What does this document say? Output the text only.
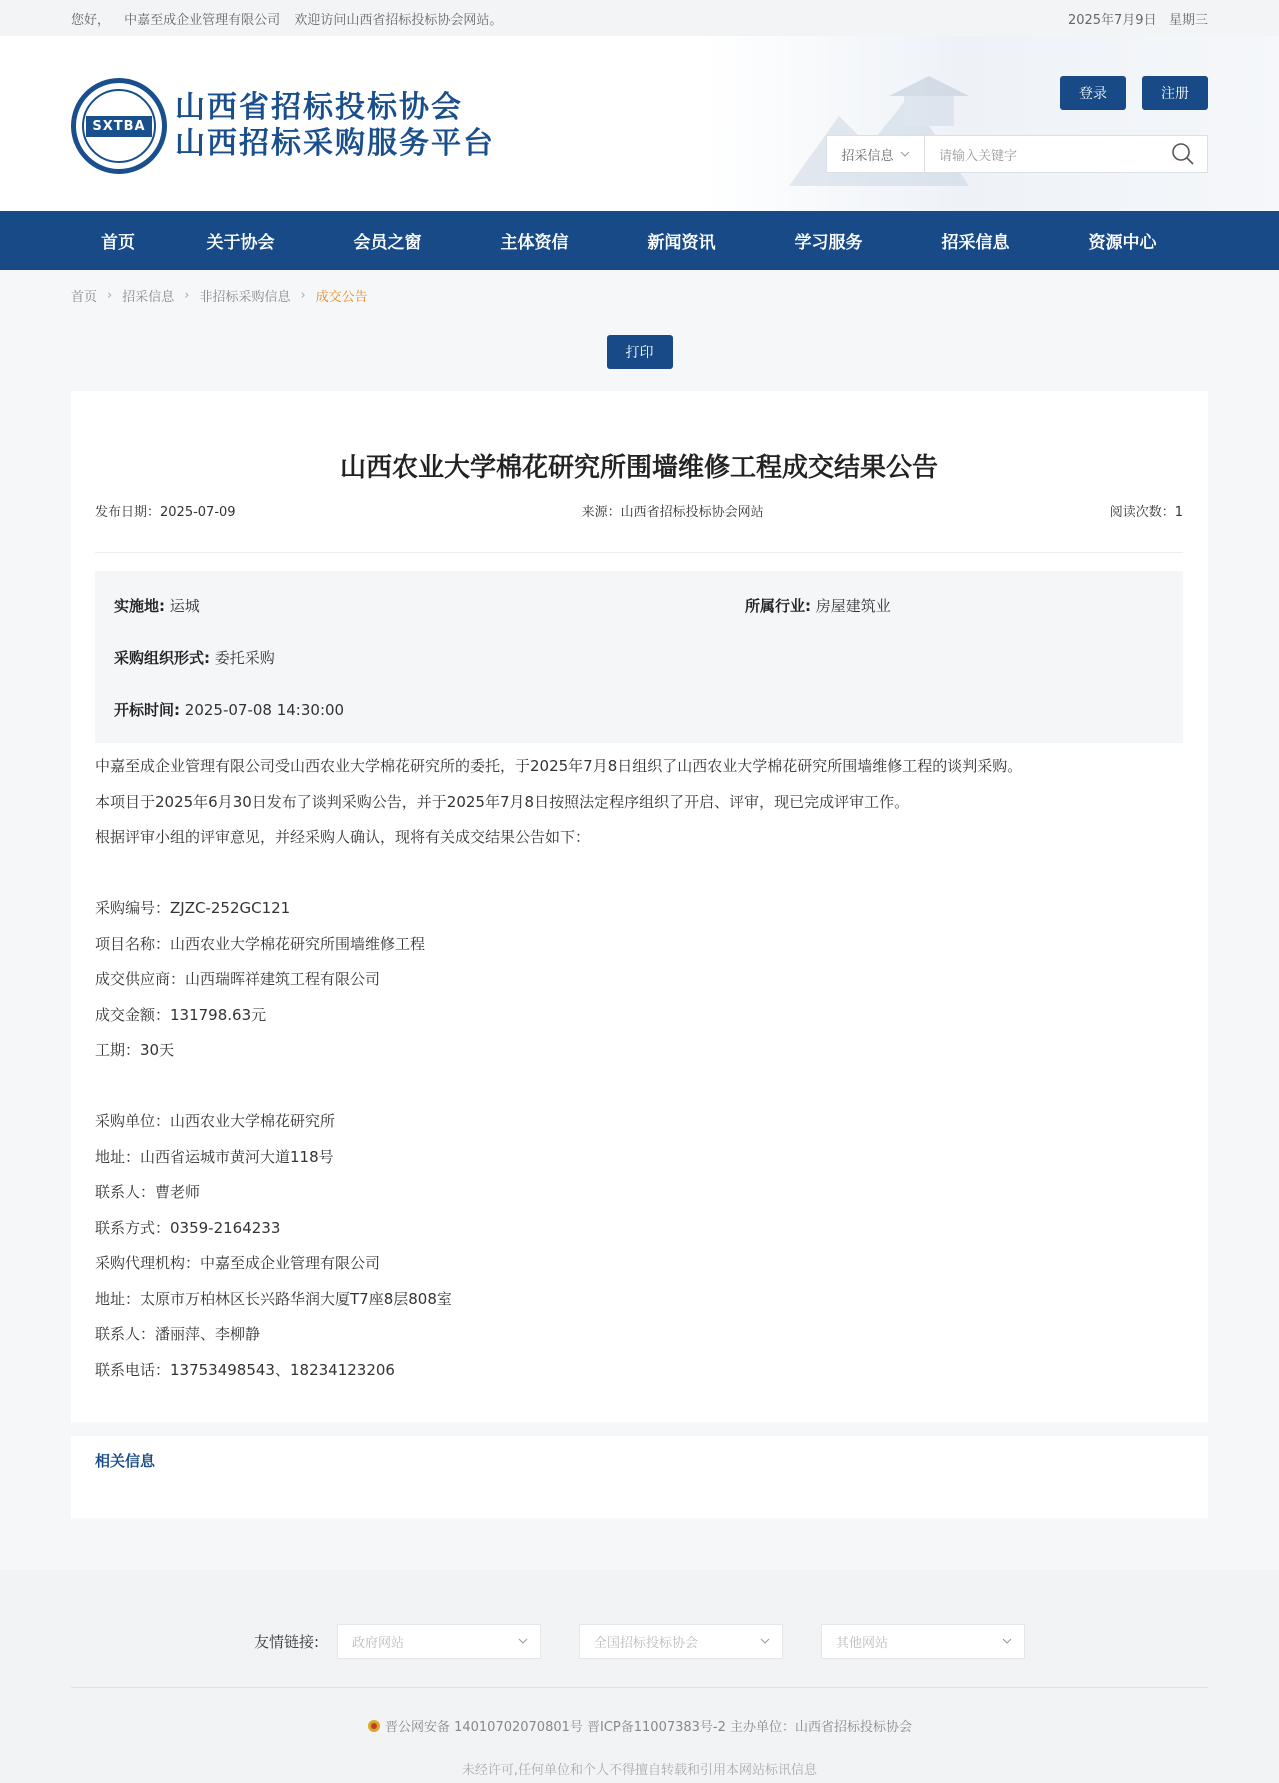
您好， 中嘉至成企业管理有限公司 欢迎访问山西省招标投标协会网站。	2025年7月9日 星期三
SXTBA
山西省招标投标协会
山西招标采购服务平台
登录	注册
招采信息	请输入关键字
首页	关于协会	会员之窗	主体资信	新闻资讯	学习服务	招采信息	资源中心
首页 › 招采信息 › 非招标采购信息 › 成交公告
打印
山西农业大学棉花研究所围墙维修工程成交结果公告
发布日期：2025-07-09	来源：山西省招标投标协会网站	阅读次数：1
实施地: 运城	所属行业: 房屋建筑业
采购组织形式: 委托采购
开标时间: 2025-07-08 14:30:00

中嘉至成企业管理有限公司受山西农业大学棉花研究所的委托，于2025年7月8日组织了山西农业大学棉花研究所围墙维修工程的谈判采购。

本项目于2025年6月30日发布了谈判采购公告，并于2025年7月8日按照法定程序组织了开启、评审，现已完成评审工作。

根据评审小组的评审意见，并经采购人确认，现将有关成交结果公告如下：

采购编号：ZJZC-252GC121

项目名称：山西农业大学棉花研究所围墙维修工程

成交供应商：山西瑞晖祥建筑工程有限公司

成交金额：131798.63元

工期：30天

采购单位：山西农业大学棉花研究所

地址：山西省运城市黄河大道118号

联系人：曹老师

联系方式：0359-2164233

采购代理机构：中嘉至成企业管理有限公司

地址：太原市万柏林区长兴路华润大厦T7座8层808室

联系人：潘丽萍、李柳静

联系电话：13753498543、18234123206

相关信息
友情链接:	政府网站	全国招标投标协会	其他网站
晋公网安备 14010702070801号 晋ICP备11007383号-2 主办单位：山西省招标投标协会
未经许可,任何单位和个人不得擅自转载和引用本网站标讯信息
